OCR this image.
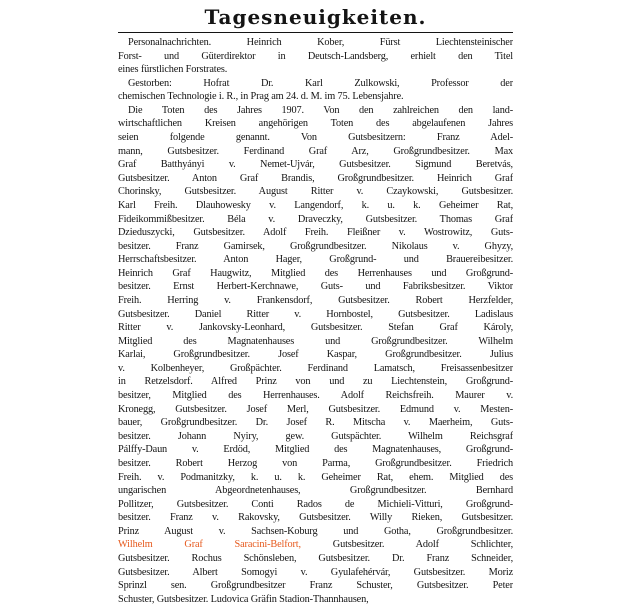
Tagesneuigkeiten.
Personalnachrichten. Heinrich Kober, Fürst Liechtensteinischer
Forst- und Güterdirektor in Deutsch-Landsberg, erhielt den Titel
eines fürstlichen Forstrates.
Gestorben: Hofrat Dr. Karl Zulkowski, Professor der
chemischen Technologie i. R., in Prag am 24. d. M. im 75. Lebensjahre.
Die Toten des Jahres 1907. Von den zahlreichen den land-
wirtschaftlichen Kreisen angehörigen Toten des abgelaufenen Jahres
seien folgende genannt. Von Gutsbesitzern: Franz Adel-
mann, Gutsbesitzer. Ferdinand Graf Arz, Großgrundbesitzer. Max
Graf Batthyányi v. Nemet-Ujvár, Gutsbesitzer. Sigmund Beretvás,
Gutsbesitzer. Anton Graf Brandis, Großgrundbesitzer. Heinrich Graf
Chorinsky, Gutsbesitzer. August Ritter v. Czaykowski, Gutsbesitzer.
Karl Freih. Dlauhowesky v. Langendorf, k. u. k. Geheimer Rat,
Fideikommißbesitzer. Béla v. Draveczky, Gutsbesitzer. Thomas Graf
Dzieduszycki, Gutsbesitzer. Adolf Freih. Fleißner v. Wostrowitz, Guts-
besitzer. Franz Gamirsek, Großgrundbesitzer. Nikolaus v. Ghyzy,
Herrschaftsbesitzer. Anton Hager, Großgrund- und Brauereibesitzer.
Heinrich Graf Haugwitz, Mitglied des Herrenhauses und Großgrund-
besitzer. Ernst Herbert-Kerchnawe, Guts- und Fabriksbesitzer. Viktor
Freih. Herring v. Frankensdorf, Gutsbesitzer. Robert Herzfelder,
Gutsbesitzer. Daniel Ritter v. Hornbostel, Gutsbesitzer. Ladislaus
Ritter v. Jankovsky-Leonhard, Gutsbesitzer. Stefan Graf Károly,
Mitglied des Magnatenhauses und Großgrundbesitzer. Wilhelm
Karlai, Großgrundbesitzer. Josef Kaspar, Großgrundbesitzer. Julius
v. Kolbenheyer, Großpächter. Ferdinand Lamatsch, Freisassenbesitzer
in Retzelsdorf. Alfred Prinz von und zu Liechtenstein, Großgrund-
besitzer, Mitglied des Herrenhauses. Adolf Reichsfreih. Maurer v.
Kronegg, Gutsbesitzer. Josef Merl, Gutsbesitzer. Edmund v. Mesten-
bauer, Großgrundbesitzer. Dr. Josef R. Mitscha v. Maerheim, Guts-
besitzer. Johann Nyiry, gew. Gutspächter. Wilhelm Reichsgraf
Pálffy-Daun v. Erdöd, Mitglied des Magnatenhauses, Großgrund-
besitzer. Robert Herzog von Parma, Großgrundbesitzer. Friedrich
Freih. v. Podmanitzky, k. u. k. Geheimer Rat, ehem. Mitglied des
ungarischen Abgeordnetenhauses, Großgrundbesitzer. Bernhard
Pollitzer, Gutsbesitzer. Conti Rados de Michieli-Vitturi, Großgrund-
besitzer. Franz v. Rakovsky, Gutsbesitzer. Willy Rieken, Gutsbesitzer.
Prinz August v. Sachsen-Koburg und Gotha, Großgrundbesitzer.
Wilhelm Graf Saracini-Belfort, Gutsbesitzer. Adolf Schlichter,
Gutsbesitzer. Rochus Schönsleben, Gutsbesitzer. Dr. Franz Schneider,
Gutsbesitzer. Albert Somogyi v. Gyulafehérvár, Gutsbesitzer. Moriz
Sprinzl sen. Großgrundbesitzer Franz Schuster, Gutsbesitzer. Peter
Schuster, Gutsbesitzer. Ludovica Gräfin Stadion-Thannhausen,
